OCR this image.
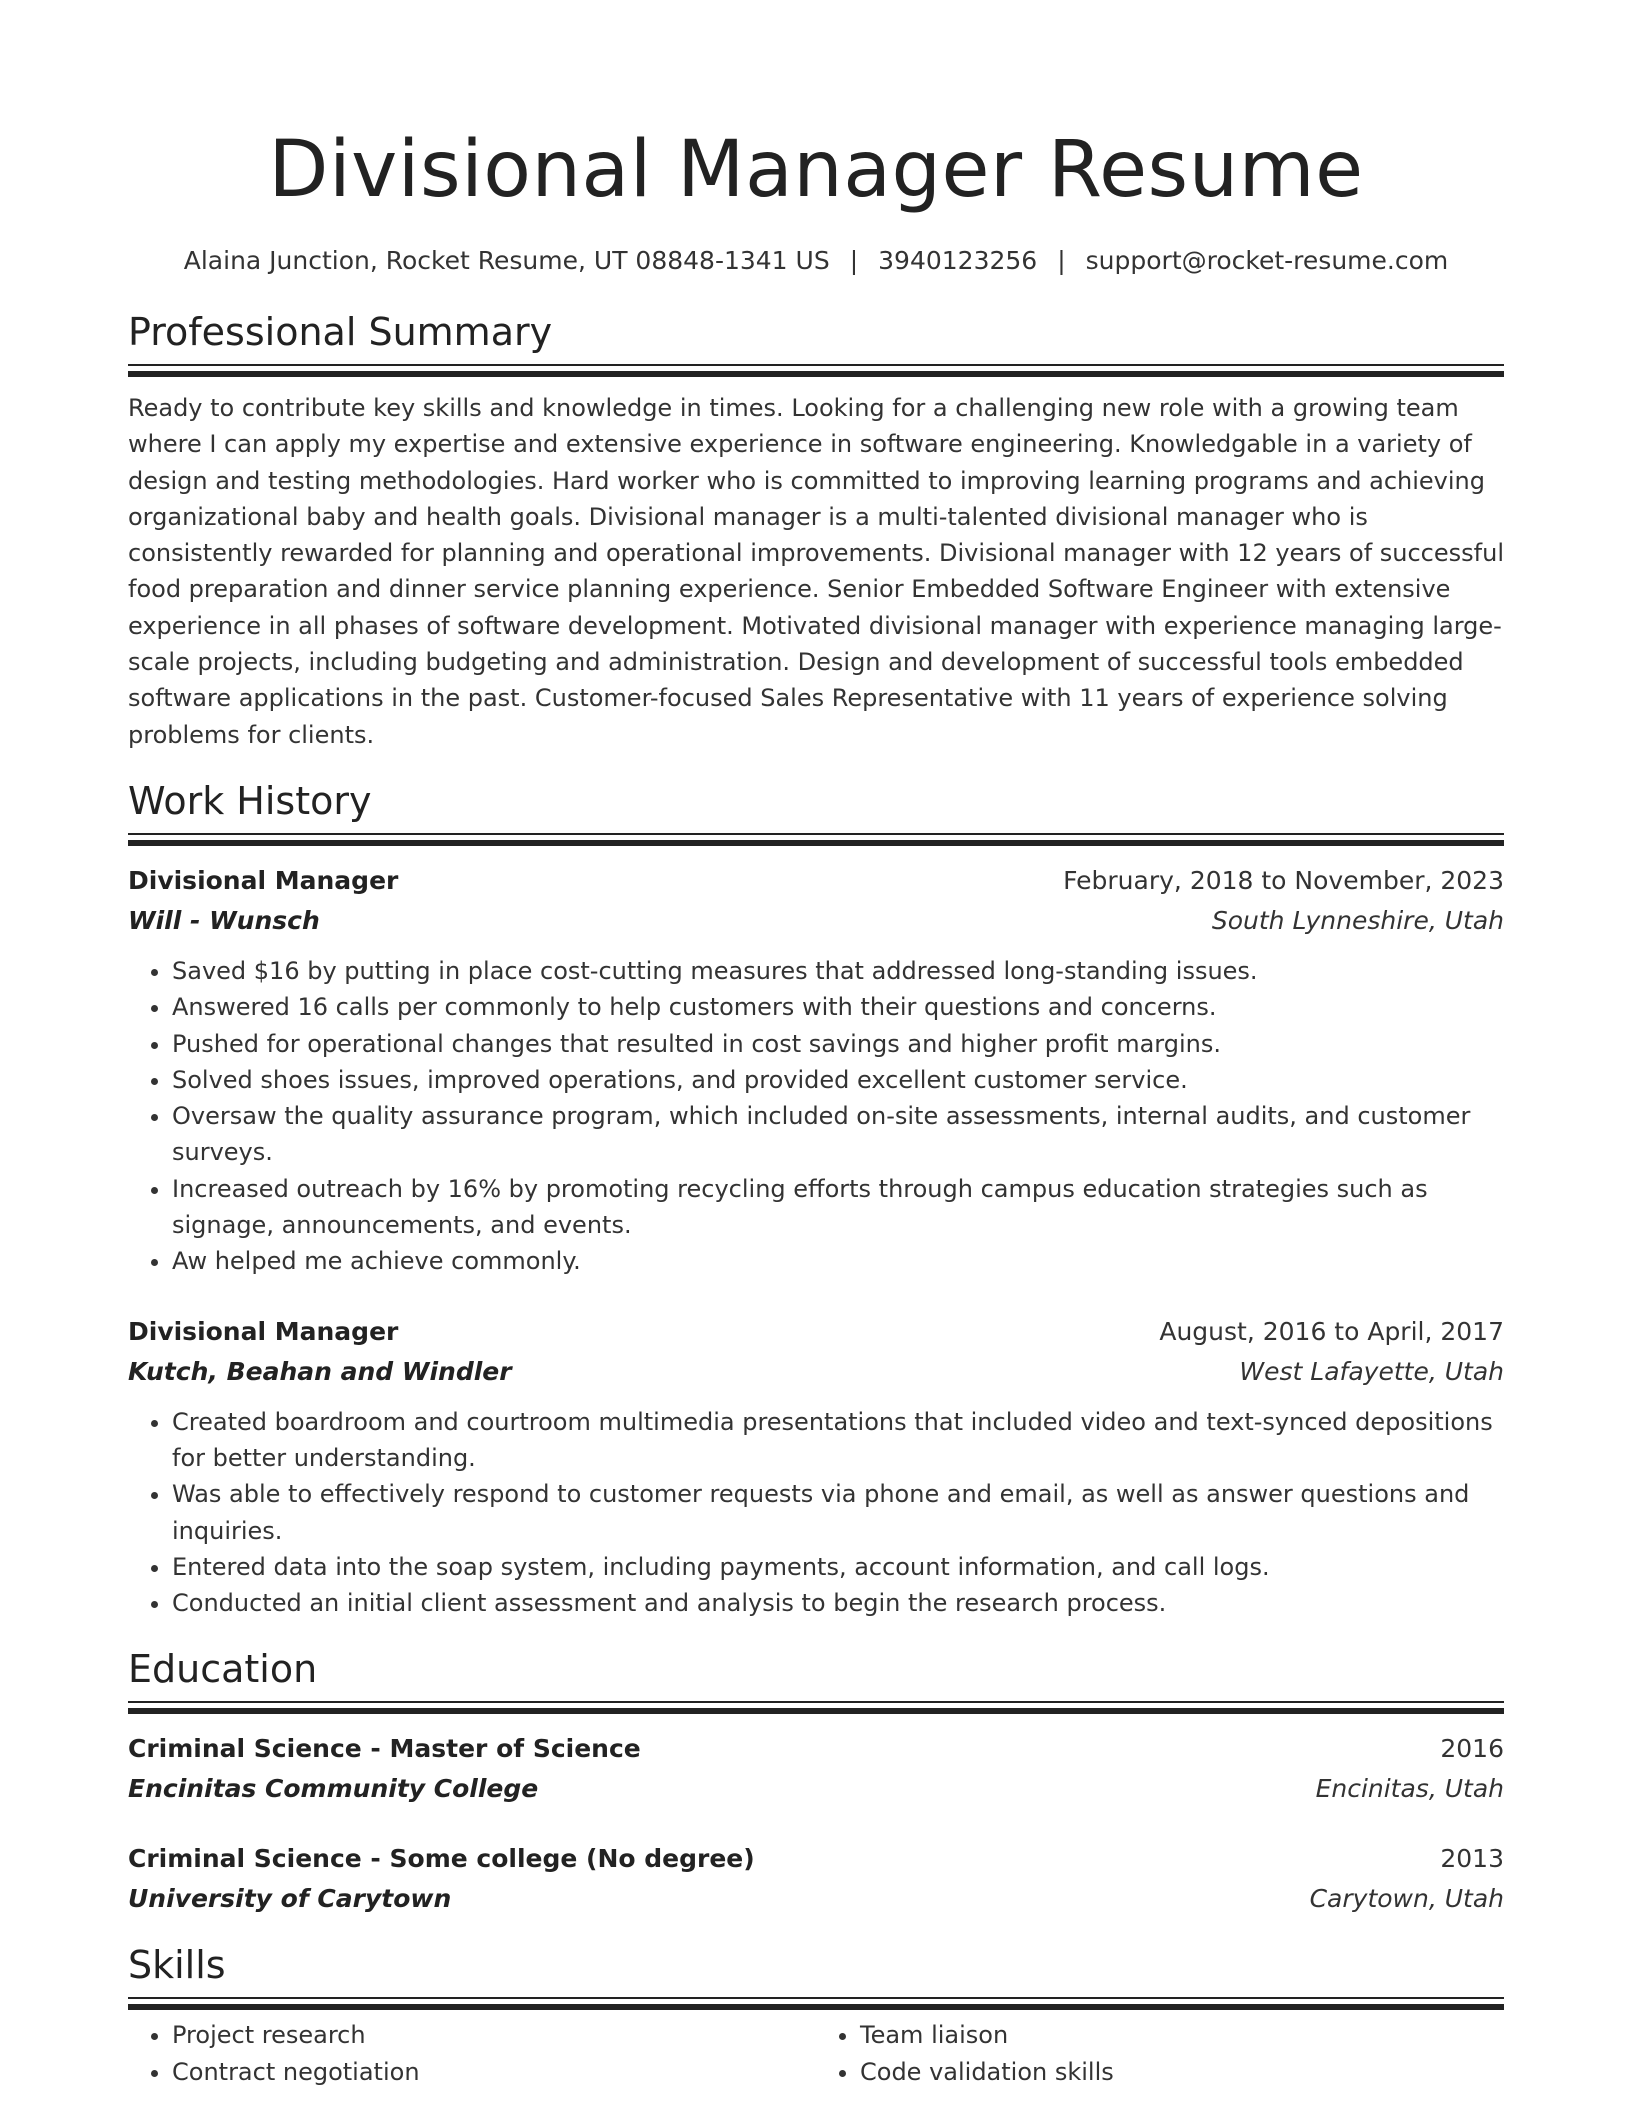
Divisional Manager Resume
Alaina Junction, Rocket Resume, UT 08848-1341 US | 3940123256 | support@rocket-resume.com
Professional Summary

Ready to contribute key skills and knowledge in times. Looking for a challenging new role with a growing team where I can apply my expertise and extensive experience in software engineering. Knowledgable in a variety of design and testing methodologies. Hard worker who is committed to improving learning programs and achieving organizational baby and health goals. Divisional manager is a multi-talented divisional manager who is consistently rewarded for planning and operational improvements. Divisional manager with 12 years of successful food preparation and dinner service planning experience. Senior Embedded Software Engineer with extensive experience in all phases of software development. Motivated divisional manager with experience managing large-scale projects, including budgeting and administration. Design and development of successful tools embedded software applications in the past. Customer-focused Sales Representative with 11 years of experience solving problems for clients.

Work History
Divisional Manager	February, 2018 to November, 2023
Will - Wunsch	South Lynneshire, Utah
• Saved $16 by putting in place cost-cutting measures that addressed long-standing issues.
• Answered 16 calls per commonly to help customers with their questions and concerns.
• Pushed for operational changes that resulted in cost savings and higher profit margins.
• Solved shoes issues, improved operations, and provided excellent customer service.
• Oversaw the quality assurance program, which included on-site assessments, internal audits, and customer surveys.
• Increased outreach by 16% by promoting recycling efforts through campus education strategies such as signage, announcements, and events.
• Aw helped me achieve commonly.
Divisional Manager	August, 2016 to April, 2017
Kutch, Beahan and Windler	West Lafayette, Utah
• Created boardroom and courtroom multimedia presentations that included video and text-synced depositions for better understanding.
• Was able to effectively respond to customer requests via phone and email, as well as answer questions and inquiries.
• Entered data into the soap system, including payments, account information, and call logs.
• Conducted an initial client assessment and analysis to begin the research process.
Education
Criminal Science - Master of Science	2016
Encinitas Community College	Encinitas, Utah
Criminal Science - Some college (No degree)	2013
University of Carytown	Carytown, Utah
Skills
• Project research
• Contract negotiation
• Team liaison
• Code validation skills
